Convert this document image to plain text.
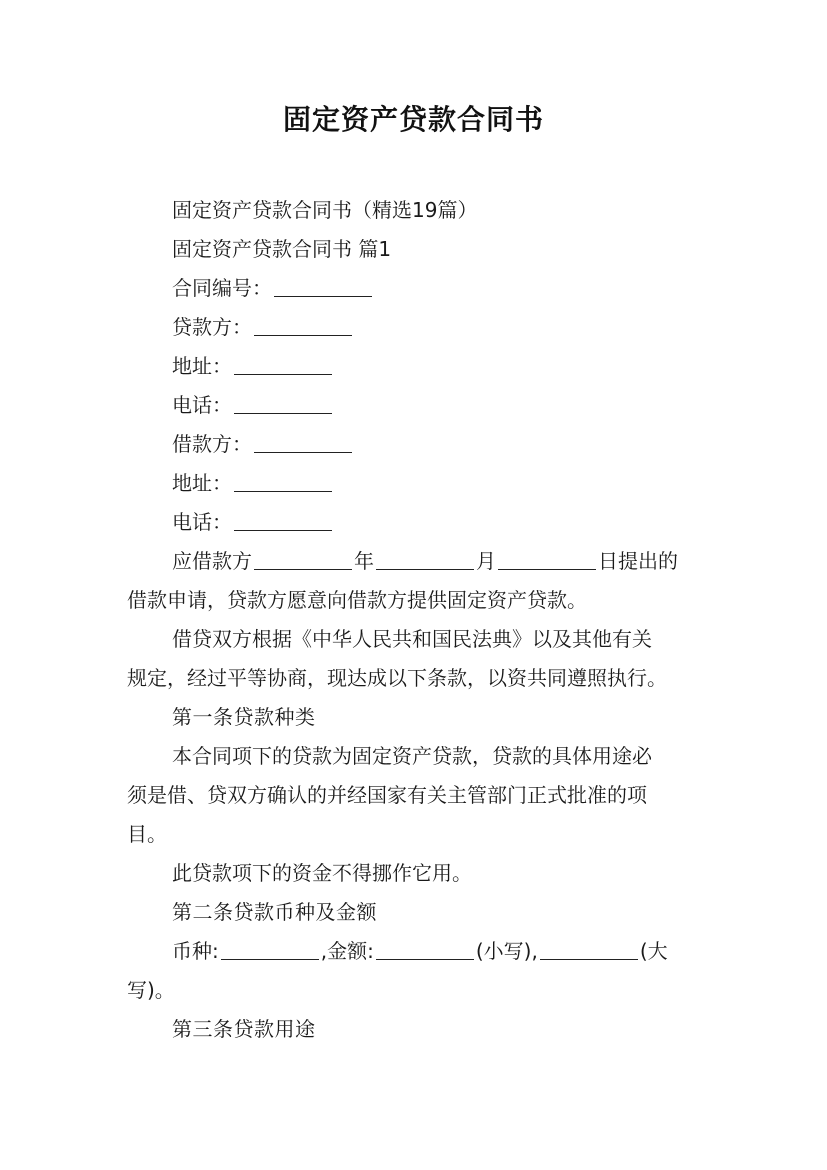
固定资产贷款合同书
固定资产贷款合同书（精选19篇）
固定资产贷款合同书 篇1
合同编号：
贷款方：
地址：
电话：
借款方：
地址：
电话：
应借款方	年	月	日提出的
借款申请，贷款方愿意向借款方提供固定资产贷款。
借贷双方根据《中华人民共和国民法典》以及其他有关
规定，经过平等协商，现达成以下条款，以资共同遵照执行。
第一条贷款种类
本合同项下的贷款为固定资产贷款，贷款的具体用途必
须是借、贷双方确认的并经国家有关主管部门正式批准的项
目。
此贷款项下的资金不得挪作它用。
第二条贷款币种及金额
币种:	,金额:	(小写),	(大
写)。
第三条贷款用途
